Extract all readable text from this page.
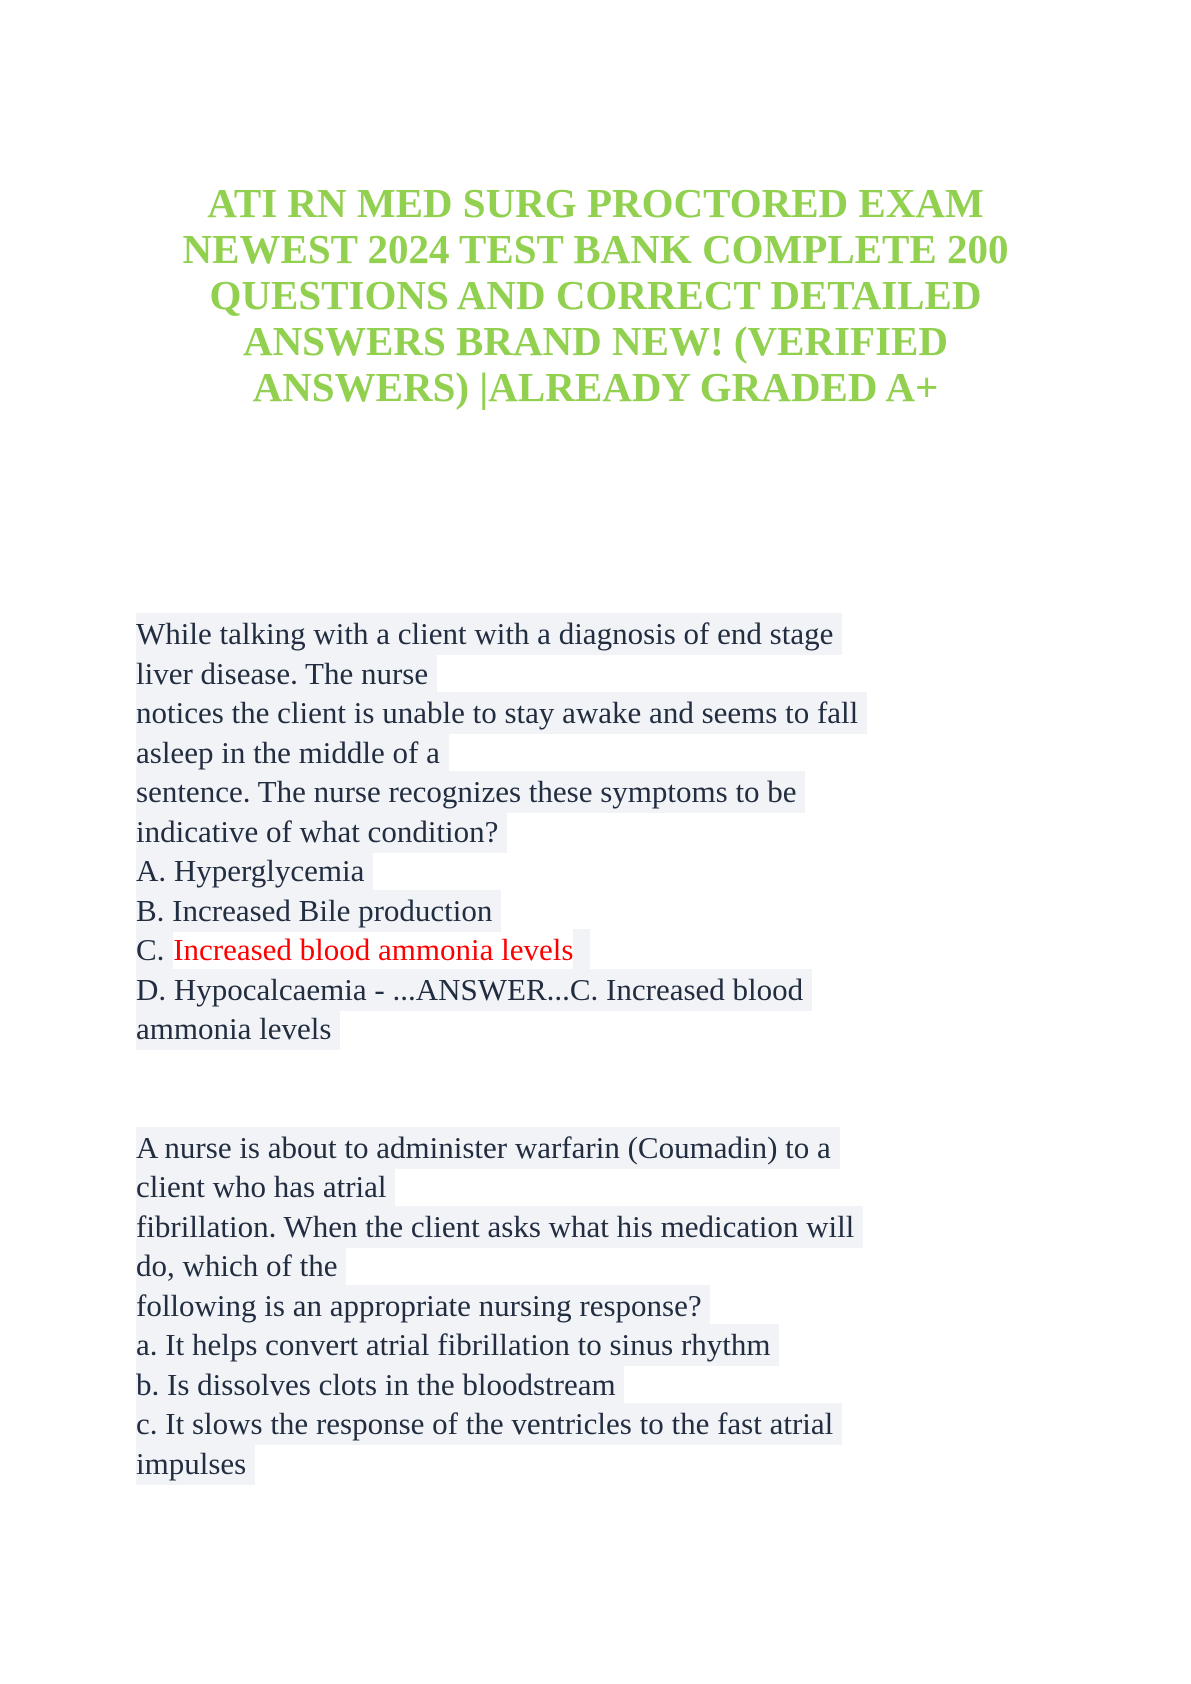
ATI RN MED SURG PROCTORED EXAM
NEWEST 2024 TEST BANK COMPLETE 200
QUESTIONS AND CORRECT DETAILED
ANSWERS BRAND NEW! (VERIFIED
ANSWERS) |ALREADY GRADED A+
While talking with a client with a diagnosis of end stage
liver disease. The nurse
notices the client is unable to stay awake and seems to fall
asleep in the middle of a
sentence. The nurse recognizes these symptoms to be
indicative of what condition?
A. Hyperglycemia
B. Increased Bile production
C. Increased blood ammonia levels
D. Hypocalcaemia - ...ANSWER...C. Increased blood
ammonia levels
A nurse is about to administer warfarin (Coumadin) to a
client who has atrial
fibrillation. When the client asks what his medication will
do, which of the
following is an appropriate nursing response?
a. It helps convert atrial fibrillation to sinus rhythm
b. Is dissolves clots in the bloodstream
c. It slows the response of the ventricles to the fast atrial
impulses
